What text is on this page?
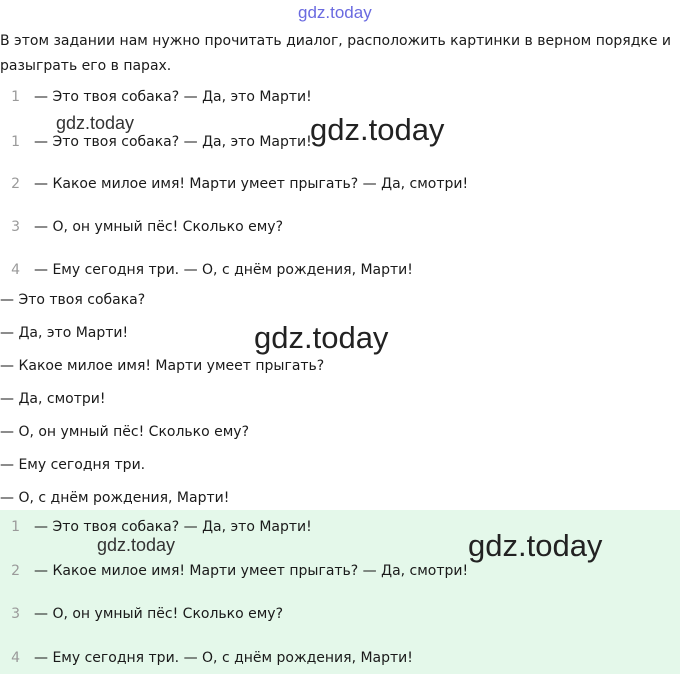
gdz.today
В этом задании нам нужно прочитать диалог, расположить картинки в верном порядке и разыграть его в парах.
1 — Это твоя собака? — Да, это Марти!
1 — Это твоя собака? — Да, это Марти!
2 — Какое милое имя! Марти умеет прыгать? — Да, смотри!
3 — О, он умный пёс! Сколько ему?
4 — Ему сегодня три. — О, с днём рождения, Марти!
— Это твоя собака?
— Да, это Марти!
— Какое милое имя! Марти умеет прыгать?
— Да, смотри!
— О, он умный пёс! Сколько ему?
— Ему сегодня три.
— О, с днём рождения, Марти!
1 — Это твоя собака? — Да, это Марти!
2 — Какое милое имя! Марти умеет прыгать? — Да, смотри!
3 — О, он умный пёс! Сколько ему?
4 — Ему сегодня три. — О, с днём рождения, Марти!
gdz.today	gdz.today
gdz.today
gdz.today	gdz.today
